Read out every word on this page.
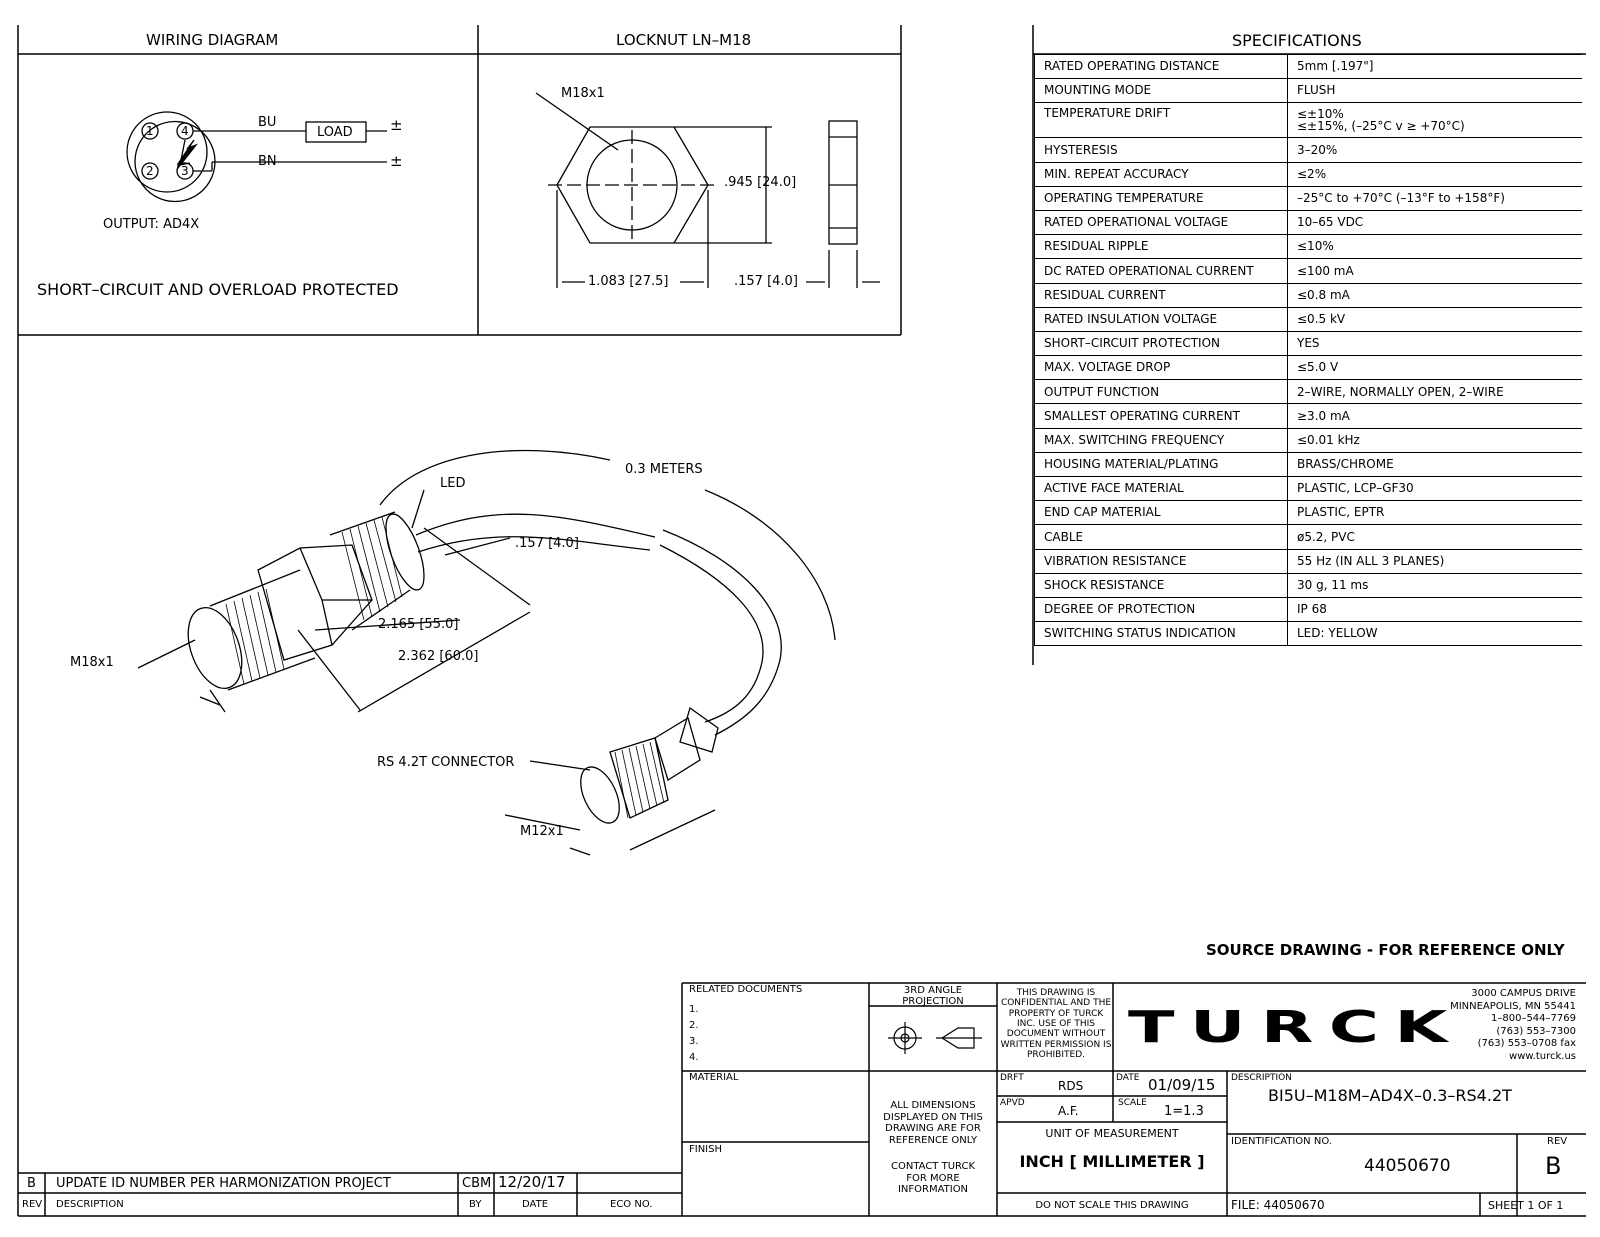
WIRING DIAGRAM
1 4
2 3
BU
BN
LOAD ±
±
OUTPUT: AD4X
SHORT–CIRCUIT AND OVERLOAD PROTECTED
LOCKNUT LN–M18
M18x1
.945 [24.0]
1.083 [27.5]	.157 [4.0]
0.3 METERS
LED
.157 [4.0]
2.165 [55.0]
2.362 [60.0]
M18x1
RS 4.2T CONNECTOR
M12x1
SPECIFICATIONS
RATED OPERATING DISTANCE	5mm [.197"]
MOUNTING MODE	FLUSH
TEMPERATURE DRIFT	≤±10%
≤±15%, (–25°C v ≥ +70°C)

HYSTERESIS	3–20%
MIN. REPEAT ACCURACY	≤2%
OPERATING TEMPERATURE	–25°C to +70°C (–13°F to +158°F)
RATED OPERATIONAL VOLTAGE	10–65 VDC
RESIDUAL RIPPLE	≤10%
DC RATED OPERATIONAL CURRENT	≤100 mA
RESIDUAL CURRENT	≤0.8 mA
RATED INSULATION VOLTAGE	≤0.5 kV
SHORT–CIRCUIT PROTECTION	YES
MAX. VOLTAGE DROP	≤5.0 V
OUTPUT FUNCTION	2–WIRE, NORMALLY OPEN, 2–WIRE
SMALLEST OPERATING CURRENT	≥3.0 mA
MAX. SWITCHING FREQUENCY	≤0.01 kHz
HOUSING MATERIAL/PLATING	BRASS/CHROME
ACTIVE FACE MATERIAL	PLASTIC, LCP–GF30
END CAP MATERIAL	PLASTIC, EPTR
CABLE	ø5.2, PVC
VIBRATION RESISTANCE	55 Hz (IN ALL 3 PLANES)
SHOCK RESISTANCE	30 g, 11 ms
DEGREE OF PROTECTION	IP 68
SWITCHING STATUS INDICATION	LED: YELLOW
SOURCE DRAWING - FOR REFERENCE ONLY
RELATED DOCUMENTS
1.
2.
3.
4.
3RD ANGLE PROJECTION
THIS DRAWING IS CONFIDENTIAL AND THE PROPERTY OF TURCK INC. USE OF THIS DOCUMENT WITHOUT WRITTEN PERMISSION IS PROHIBITED.
TURCK
3000 CAMPUS DRIVE
MINNEAPOLIS, MN 55441
1–800–544–7769
(763) 553–7300
(763) 553–0708 fax
www.turck.us
MATERIAL
FINISH
ALL DIMENSIONS DISPLAYED ON THIS DRAWING ARE FOR REFERENCE ONLY
CONTACT TURCK FOR MORE INFORMATION
DRFT
RDS
DATE 01/09/15
APVD
A.F.
SCALE
1=1.3
UNIT OF MEASUREMENT
INCH [ MILLIMETER ]
DO NOT SCALE THIS DRAWING
DESCRIPTION
BI5U–M18M–AD4X–0.3–RS4.2T
IDENTIFICATION NO.
44050670
REV
B
FILE: 44050670	SHEET 1 OF 1
B UPDATE ID NUMBER PER HARMONIZATION PROJECT	CBM 12/20/17
REV DESCRIPTION	BY	DATE	ECO NO.
